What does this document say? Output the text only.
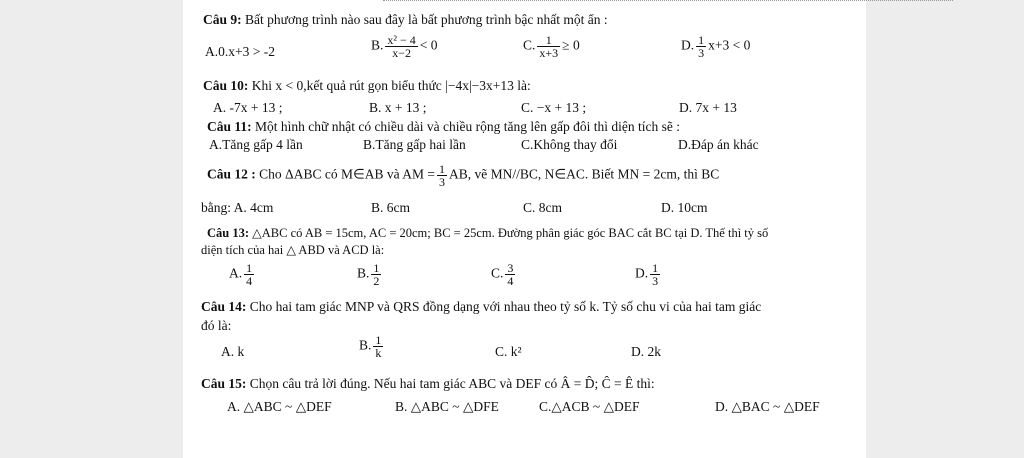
Câu 9: Bất phương trình nào sau đây là bất phương trình bậc nhất một ẩn :
A.0.x+3 > -2	B. $\frac{\text{x² − 4}}{x-2} < 0$	C. $\frac{1}{x+3} \ge 0$	D. $\frac{1}{3} x+3 < 0$
Câu 10: Khi x < 0,kết quả rút gọn biểu thức |−4x|−3x+13 là:
A. -7x + 13 ;	B. x + 13 ;	C. −x + 13 ;	D. 7x + 13
Câu 11: Một hình chữ nhật có chiều dài và chiều rộng tăng lên gấp đôi thì diện tích sẽ :
A.Tăng gấp 4 lần	B.Tăng gấp hai lần	C.Không thay đổi	D.Đáp án khác
Câu 12 : Cho ΔABC có M∈AB và AM = $\frac{1}{3}$ AB, vẽ MN//BC, N∈AC. Biết MN = 2cm, thì BC
bằng: A. 4cm	B. 6cm	C. 8cm	D. 10cm
Câu 13: △ABC có AB = 15cm, AC = 20cm; BC = 25cm. Đường phân giác góc BAC cắt BC tại D. Thế thì tỷ số
diện tích của hai △ ABD và ACD là:
A. $\frac{1}{4}$	B. $\frac{1}{2}$	C. $\frac{3}{4}$	D. $\frac{1}{3}$
Câu 14: Cho hai tam giác MNP và QRS đồng dạng với nhau theo tỷ số k. Tỷ số chu vi của hai tam giác
đó là:
A. k	B. $\frac{1}{k}$	C. k²	D. 2k
Câu 15: Chọn câu trả lời đúng. Nếu hai tam giác ABC và DEF có Â = D̂; Ĉ = Ê thì:
A. △ABC ~ △DEF	B. △ABC ~ △DFE	C.△ACB ~ △DEF	D. △BAC ~ △DEF
